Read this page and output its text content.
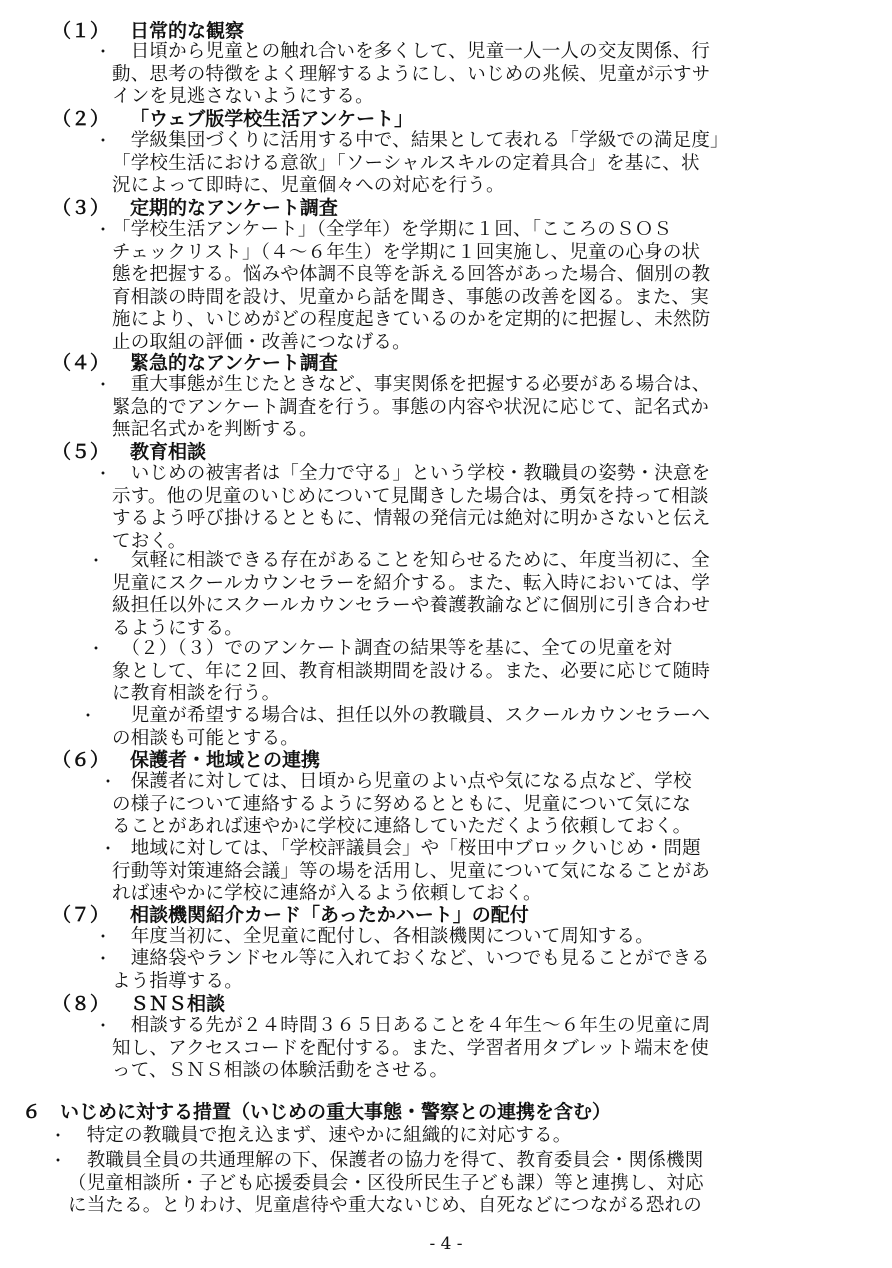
（１） 日常的な観察
・ 　日頃から児童との触れ合いを多くして、児童一人一人の交友関係、行
動、思考の特徴をよく理解するようにし、いじめの兆候、児童が示すサ
インを見逃さないようにする。
（２） 「ウェブ版学校生活アンケート」
・ 　学級集団づくりに活用する中で、結果として表れる「学級での満足度」
「学校生活における意欲」「ソーシャルスキルの定着具合」を基に、状
況によって即時に、児童個々への対応を行う。
（３） 定期的なアンケート調査
・ 「学校生活アンケート」（全学年）を学期に１回、「こころのＳＯＳ
チェックリスト」（４～６年生）を学期に１回実施し、児童の心身の状
態を把握する。悩みや体調不良等を訴える回答があった場合、個別の教
育相談の時間を設け、児童から話を聞き、事態の改善を図る。また、実
施により、いじめがどの程度起きているのかを定期的に把握し、未然防
止の取組の評価・改善につなげる。
（４） 緊急的なアンケート調査
・ 　重大事態が生じたときなど、事実関係を把握する必要がある場合は、
緊急的でアンケート調査を行う。事態の内容や状況に応じて、記名式か
無記名式かを判断する。
（５） 教育相談
・ 　いじめの被害者は「全力で守る」という学校・教職員の姿勢・決意を
示す。他の児童のいじめについて見聞きした場合は、勇気を持って相談
するよう呼び掛けるとともに、情報の発信元は絶対に明かさないと伝え
ておく。
・ 　気軽に相談できる存在があることを知らせるために、年度当初に、全
児童にスクールカウンセラーを紹介する。また、転入時においては、学
級担任以外にスクールカウンセラーや養護教諭などに個別に引き合わせ
るようにする。
・ 　（２）（３）でのアンケート調査の結果等を基に、全ての児童を対
象として、年に２回、教育相談期間を設ける。また、必要に応じて随時
に教育相談を行う。
・ 　児童が希望する場合は、担任以外の教職員、スクールカウンセラーへ
の相談も可能とする。
（６） 保護者・地域との連携
・
　保護者に対しては、日頃から児童のよい点や気になる点など、学校
の様子について連絡するように努めるとともに、児童について気にな
ることがあれば速やかに学校に連絡していただくよう依頼しておく。
・
　地域に対しては、「学校評議員会」や「桜田中ブロックいじめ・問題
行動等対策連絡会議」等の場を活用し、児童について気になることがあ
れば速やかに学校に連絡が入るよう依頼しておく。
（７） 相談機関紹介カード「あったかハート」の配付
・ 　年度当初に、全児童に配付し、各相談機関について周知する。
・ 　連絡袋やランドセル等に入れておくなど、いつでも見ることができる
よう指導する。
（８） ＳＮＳ相談
・ 　相談する先が２４時間３６５日あることを４年生～６年生の児童に周
知し、アクセスコードを配付する。また、学習者用タブレット端末を使
って、ＳＮＳ相談の体験活動をさせる。
６　いじめに対する措置（いじめの重大事態・警察との連携を含む）
・ 　特定の教職員で抱え込まず、速やかに組織的に対応する。
・ 　教職員全員の共通理解の下、保護者の協力を得て、教育委員会・関係機関
（児童相談所・子ども応援委員会・区役所民生子ども課）等と連携し、対応
に当たる。とりわけ、児童虐待や重大ないじめ、自死などにつながる恐れの
- 4 -
